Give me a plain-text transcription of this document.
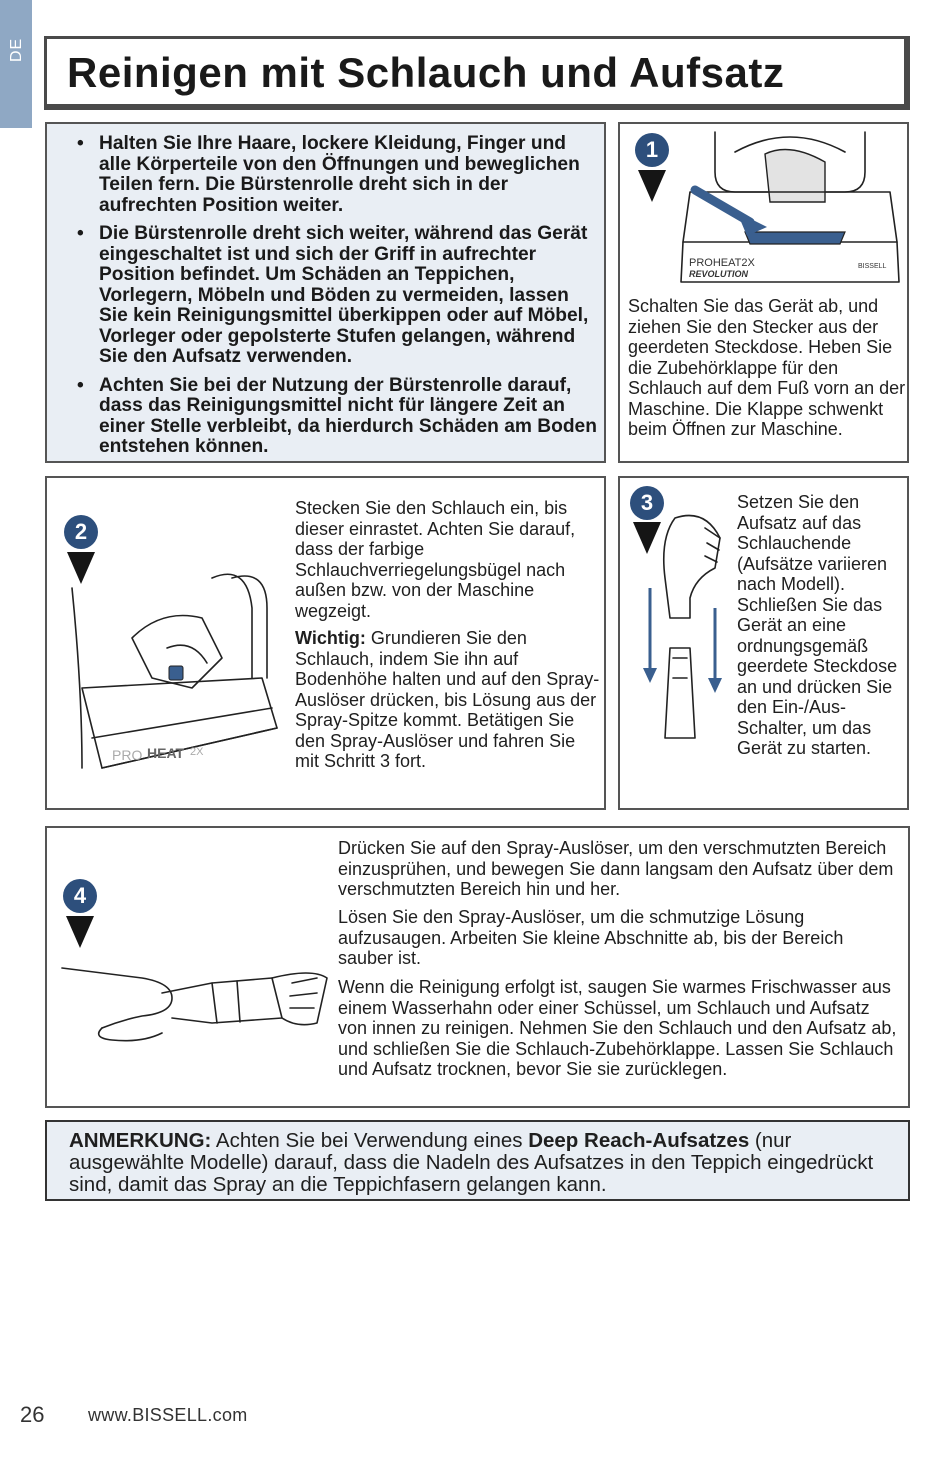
DE Reinigen mit Schlauch und Aufsatz
• Halten Sie Ihre Haare, lockere Kleidung, Finger und alle Körperteile von den Öffnungen und beweglichen Teilen fern. Die Bürstenrolle dreht sich in der aufrechten Position weiter.
• Die Bürstenrolle dreht sich weiter, während das Gerät eingeschaltet ist und sich der Griff in aufrechter Position befindet. Um Schäden an Teppichen, Vorlegern, Möbeln und Böden zu vermeiden, lassen Sie kein Reinigungsmittel überkippen oder auf Möbel, Vorleger oder gepolsterte Stufen gelangen, während Sie den Aufsatz verwenden.
• Achten Sie bei der Nutzung der Bürstenrolle darauf, dass das Reinigungsmittel nicht für längere Zeit an einer Stelle verbleibt, da hierdurch Schäden am Boden entstehen können.
1
PROHEAT2X
REVOLUTION
BISSELL
Schalten Sie das Gerät ab, und ziehen Sie den Stecker aus der geerdeten Steckdose. Heben Sie die Zubehörklappe für den Schlauch auf dem Fuß vorn an der Maschine. Die Klappe schwenkt beim Öffnen zur Maschine.
2
PRO HEAT 2X
Stecken Sie den Schlauch ein, bis dieser einrastet. Achten Sie darauf, dass der farbige Schlauchverriegelungsbügel nach außen bzw. von der Maschine wegzeigt.
Wichtig: Grundieren Sie den Schlauch, indem Sie ihn auf Bodenhöhe halten und auf den Spray-Auslöser drücken, bis Lösung aus der Spray-Spitze kommt. Betätigen Sie den Spray-Auslöser und fahren Sie mit Schritt 3 fort.
3	Setzen Sie den Aufsatz auf das Schlauchende (Aufsätze variieren nach Modell). Schließen Sie das Gerät an eine ordnungsgemäß geerdete Steckdose an und drücken Sie den Ein-/Aus-Schalter, um das Gerät zu starten.
4
Drücken Sie auf den Spray-Auslöser, um den verschmutzten Bereich einzusprühen, und bewegen Sie dann langsam den Aufsatz über dem verschmutzten Bereich hin und her.
Lösen Sie den Spray-Auslöser, um die schmutzige Lösung aufzusaugen. Arbeiten Sie kleine Abschnitte ab, bis der Bereich sauber ist.
Wenn die Reinigung erfolgt ist, saugen Sie warmes Frischwasser aus einem Wasserhahn oder einer Schüssel, um Schlauch und Aufsatz von innen zu reinigen. Nehmen Sie den Schlauch und den Aufsatz ab, und schließen Sie die Schlauch-Zubehörklappe. Lassen Sie Schlauch und Aufsatz trocknen, bevor Sie sie zurücklegen.

ANMERKUNG: Achten Sie bei Verwendung eines Deep Reach-Aufsatzes (nur ausgewählte Modelle) darauf, dass die Nadeln des Aufsatzes in den Teppich eingedrückt sind, damit das Spray an die Teppichfasern gelangen kann.

26 www.BISSELL.com
